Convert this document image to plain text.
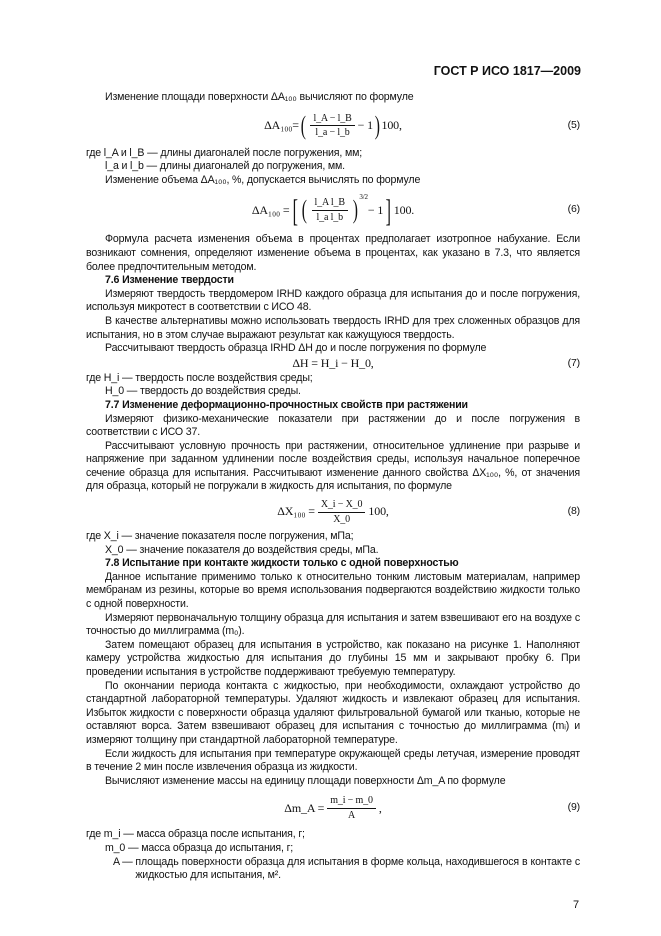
ГОСТ Р ИСО 1817—2009

Изменение площади поверхности ΔA₁₀₀ вычисляют по формуле

ΔA₁₀₀= ( $\frac{l\_A - l\_B}{l\_a - l\_b} - 1$ ) 100,	(5)
где l_A и l_B —
длины диагоналей после погружения, мм;
l_a и l_b —
длины диагоналей до погружения, мм.

Изменение объема ΔA₁₀₀, %, допускается вычислять по формуле

ΔA₁₀₀ = [ ( $\frac{\text{l\_A l\_B}}{\text{l\_a l\_b}} )^{3/2}$
− 1 ] 100.	(6)

Формула расчета изменения объема в процентах предполагает изотропное набухание. Если возникают сомнения, определяют изменение объема в процентах, как указано в 7.3, что является более предпочтительным методом.

7.6 Изменение твердости

Измеряют твердость твердомером IRHD каждого образца для испытания до и после погружения, используя микротест в соответствии с ИСО 48.

В качестве альтернативы можно использовать твердость IRHD для трех сложенных образцов для испытания, но в этом случае выражают результат как кажущуюся твердость.

Рассчитывают твердость образца IRHD ΔH до и после погружения по формуле

ΔH = H_i − H_0,	(7)
где H_i —
твердость после воздействия среды;
H_0 —
твердость до воздействия среды.

7.7 Изменение деформационно-прочностных свойств при растяжении

Измеряют физико-механические показатели при растяжении до и после погружения в соответствии с ИСО 37.

Рассчитывают условную прочность при растяжении, относительное удлинение при разрыве и напряжение при заданном удлинении после воздействия среды, используя начальное поперечное сечение образца для испытания. Рассчитывают изменение данного свойства ΔX₁₀₀, %, от значения для образца, который не погружали в жидкость для испытания, по формуле

$\Delta X_{100} = \frac{X\_i - X\_0}{X\_0} 100$,	(8)
где X_i —
значение показателя после погружения, мПа;
X_0 —
значение показателя до воздействия среды, мПа.

7.8 Испытание при контакте жидкости только с одной поверхностью

Данное испытание применимо только к относительно тонким листовым материалам, например мембранам из резины, которые во время использования подвергаются воздействию жидкости только с одной поверхности.

Измеряют первоначальную толщину образца для испытания и затем взвешивают его на воздухе с точностью до миллиграмма (m₀).

Затем помещают образец для испытания в устройство, как показано на рисунке 1. Наполняют камеру устройства жидкостью для испытания до глубины 15 мм и закрывают пробку 6. При проведении испытания в устройстве поддерживают требуемую температуру.

По окончании периода контакта с жидкостью, при необходимости, охлаждают устройство до стандартной лабораторной температуры. Удаляют жидкость и извлекают образец для испытания. Избыток жидкости с поверхности образца удаляют фильтровальной бумагой или тканью, которые не оставляют ворса. Затем взвешивают образец для испытания с точностью до миллиграмма (mᵢ) и измеряют толщину при стандартной лабораторной температуре.

Если жидкость для испытания при температуре окружающей среды летучая, измерение проводят в течение 2 мин после извлечения образца из жидкости.

Вычисляют изменение массы на единицу площади поверхности Δm_A по формуле

Δm_A = $\frac{m\_i - m\_0}{A}$ ,	(9)
где m_i —
масса образца после испытания, г;
m_0 —
масса образца до испытания, г;
A —
площадь поверхности образца для испытания в форме кольца, находившегося в контакте с жидкостью для испытания, м².
7
